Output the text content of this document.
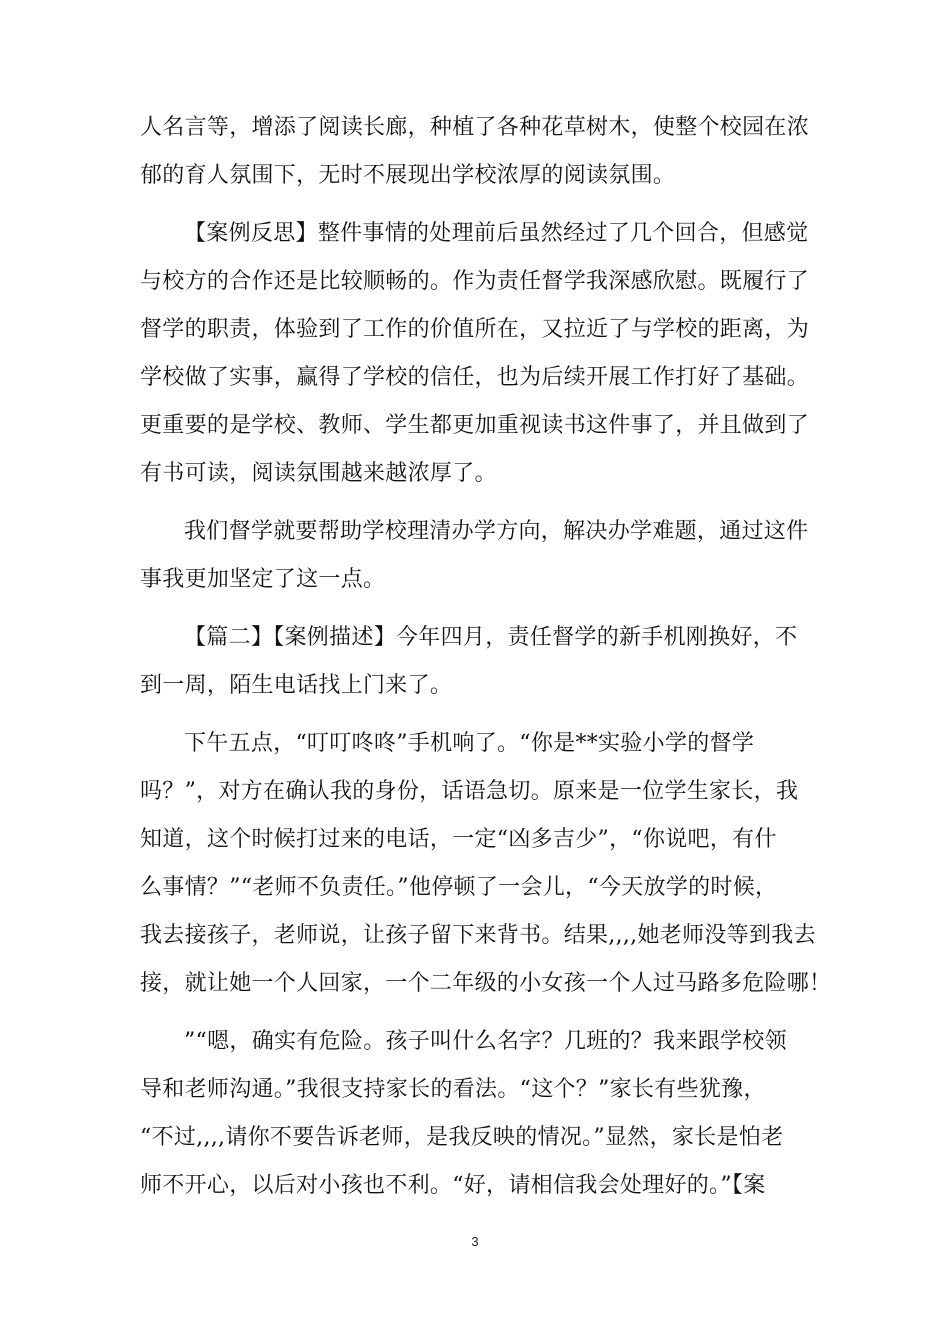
人名言等，增添了阅读长廊，种植了各种花草树木，使整个校园在浓
郁的育人氛围下，无时不展现出学校浓厚的阅读氛围。
【案例反思】整件事情的处理前后虽然经过了几个回合，但感觉
与校方的合作还是比较顺畅的。作为责任督学我深感欣慰。既履行了
督学的职责，体验到了工作的价值所在，又拉近了与学校的距离，为
学校做了实事，赢得了学校的信任，也为后续开展工作打好了基础。
更重要的是学校、教师、学生都更加重视读书这件事了，并且做到了
有书可读，阅读氛围越来越浓厚了。
我们督学就要帮助学校理清办学方向，解决办学难题，通过这件
事我更加坚定了这一点。
【篇二】【案例描述】今年四月，责任督学的新手机刚换好，不
到一周，陌生电话找上门来了。
下午五点，“叮叮咚咚”手机响了。“你是**实验小学的督学
吗？”，对方在确认我的身份，话语急切。原来是一位学生家长，我
知道，这个时候打过来的电话，一定“凶多吉少”，“你说吧，有什
么事情？”“老师不负责任。”他停顿了一会儿，“今天放学的时候，
我去接孩子，老师说，让孩子留下来背书。结果,,,,她老师没等到我去
接，就让她一个人回家，一个二年级的小女孩一个人过马路多危险哪！
”“嗯，确实有危险。孩子叫什么名字？几班的？我来跟学校领
导和老师沟通。”我很支持家长的看法。“这个？”家长有些犹豫，
“不过,,,,请你不要告诉老师，是我反映的情况。”显然，家长是怕老
师不开心，以后对小孩也不利。“好，请相信我会处理好的。”【案
3
